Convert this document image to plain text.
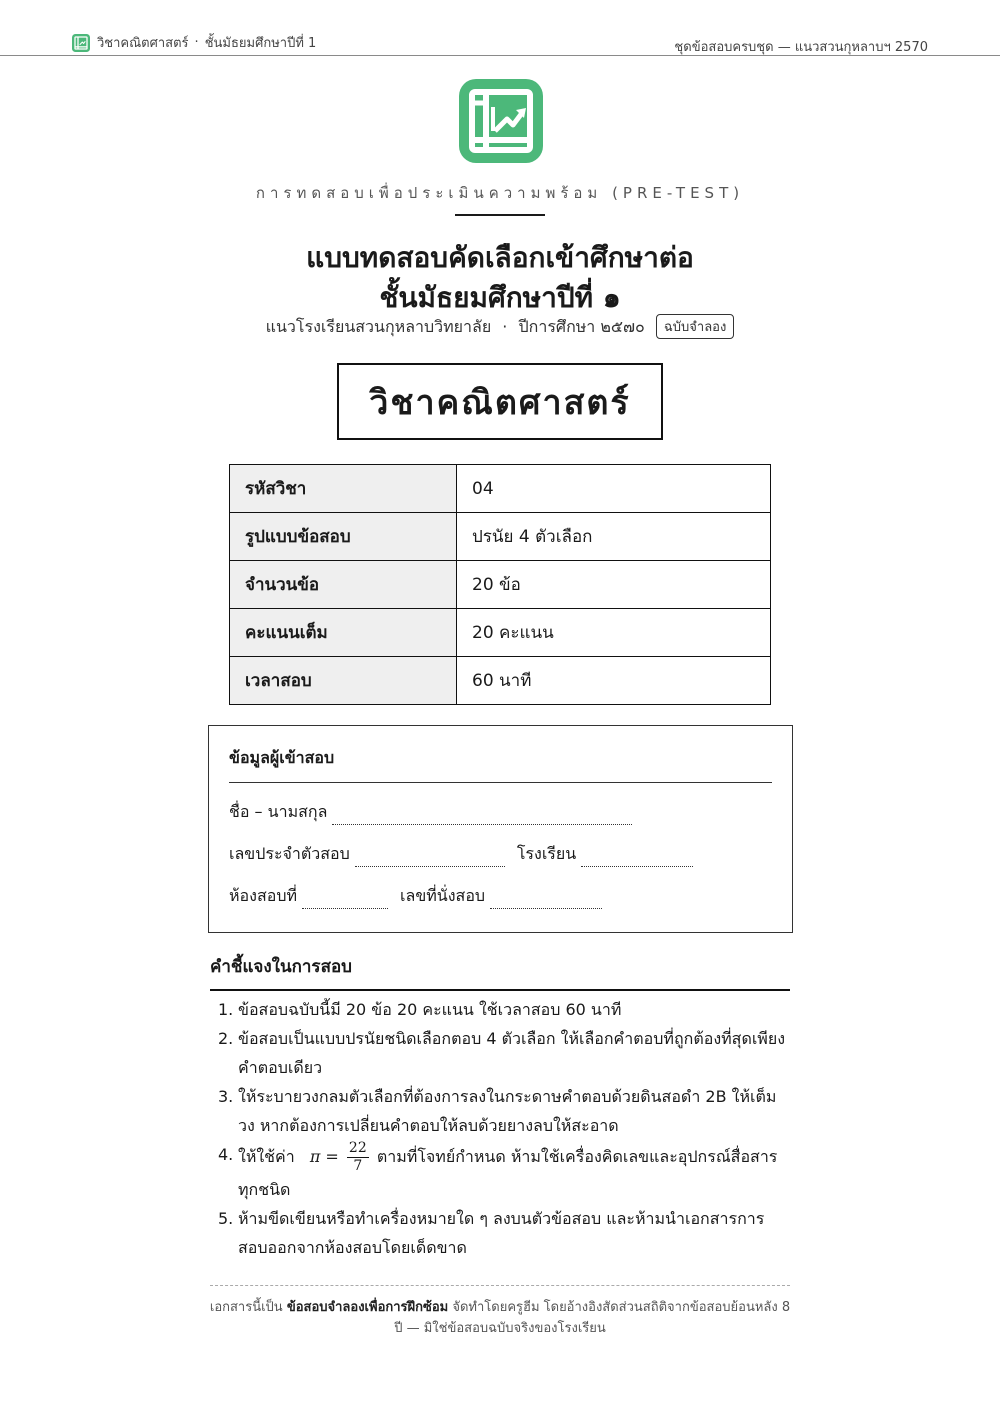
วิชาคณิตศาสตร์ · ชั้นมัธยมศึกษาปีที่ 1	ชุดข้อสอบครบชุด — แนวสวนกุหลาบฯ 2570
การทดสอบเพื่อประเมินความพร้อม (PRE-TEST)
แบบทดสอบคัดเลือกเข้าศึกษาต่อ
ชั้นมัธยมศึกษาปีที่ ๑
แนวโรงเรียนสวนกุหลาบวิทยาลัย · ปีการศึกษา ๒๕๗๐ ฉบับจำลอง
วิชาคณิตศาสตร์
รหัสวิชา	04
รูปแบบข้อสอบ	ปรนัย 4 ตัวเลือก
จำนวนข้อ	20 ข้อ
คะแนนเต็ม	20 คะแนน
เวลาสอบ	60 นาที
ข้อมูลผู้เข้าสอบ
ชื่อ – นามสกุล
เลขประจำตัวสอบ	โรงเรียน
ห้องสอบที่	เลขที่นั่งสอบ
คำชี้แจงในการสอบ
1. ข้อสอบฉบับนี้มี 20 ข้อ 20 คะแนน ใช้เวลาสอบ 60 นาที
2. ข้อสอบเป็นแบบปรนัยชนิดเลือกตอบ 4 ตัวเลือก ให้เลือกคำตอบที่ถูกต้องที่สุดเพียงคำตอบเดียว
3. ให้ระบายวงกลมตัวเลือกที่ต้องการลงในกระดาษคำตอบด้วยดินสอดำ 2B ให้เต็มวง หากต้องการเปลี่ยนคำตอบให้ลบด้วยยางลบให้สะอาด
4. ให้ใช้ค่า $\pi = \frac{22}{7}$ ตามที่โจทย์กำหนด ห้ามใช้เครื่องคิดเลขและอุปกรณ์สื่อสารทุกชนิด
5. ห้ามขีดเขียนหรือทำเครื่องหมายใด ๆ ลงบนตัวข้อสอบ และห้ามนำเอกสารการสอบออกจากห้องสอบโดยเด็ดขาด
เอกสารนี้เป็น ข้อสอบจำลองเพื่อการฝึกซ้อม จัดทำโดยครูฮีม โดยอ้างอิงสัดส่วนสถิติจากข้อสอบย้อนหลัง 8 ปี — มิใช่ข้อสอบฉบับจริงของโรงเรียน
